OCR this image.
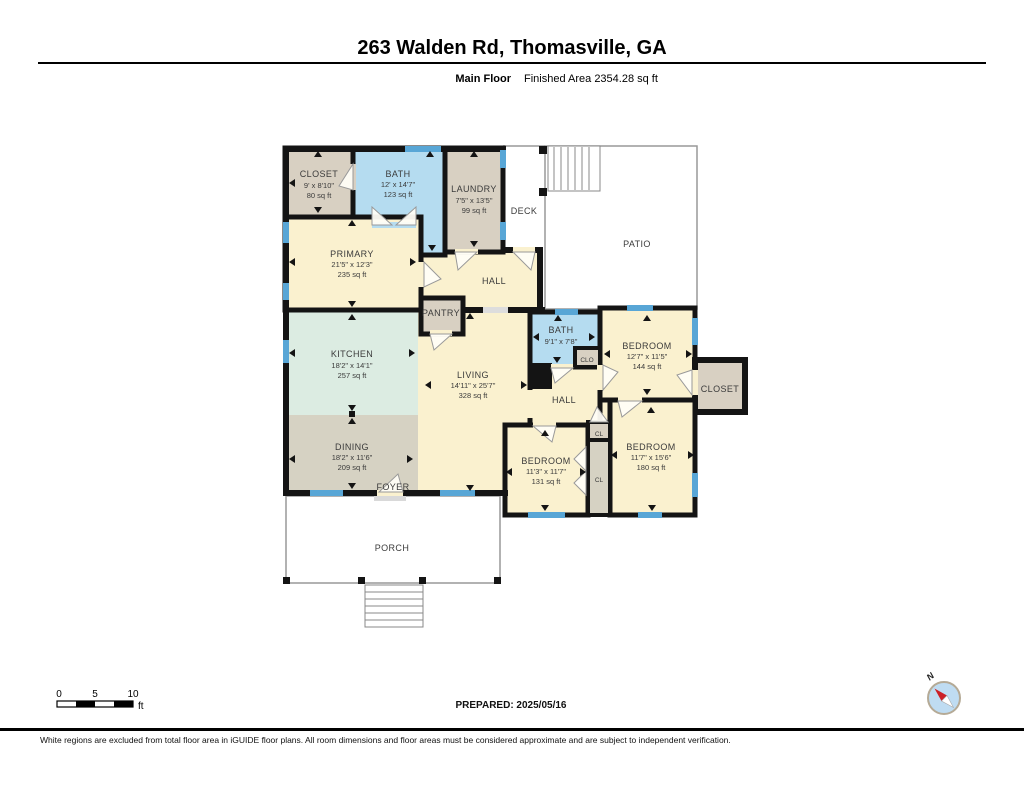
263 Walden Rd, Thomasville, GA
Main Floor Finished Area 2354.28 sq ft
CLOSET
9' x 8'10"
80 sq ft
BATH
12' x 14'7"
123 sq ft
LAUNDRY
7'5" x 13'5"
99 sq ft
PRIMARY
21'5" x 12'3"
235 sq ft
HALL
PANTRY
KITCHEN
18'2" x 14'1"
257 sq ft	LIVING
14'11" x 25'7"
328 sq ft
DINING
18'2" x 11'6"
209 sq ft
FOYER
BATH
9'1" x 7'8"
CLO
BEDROOM
12'7" x 11'5"
144 sq ft
CLOSET
HALL
CL
CL
BEDROOM
11'3" x 11'7"
131 sq ft
BEDROOM
11'7" x 15'6"
180 sq ft
DECK
PATIO
PORCH
0	5	10
ft	PREPARED: 2025/05/16
N
White regions are excluded from total floor area in iGUIDE floor plans. All room dimensions and floor areas must be considered approximate and are subject to independent verification.
